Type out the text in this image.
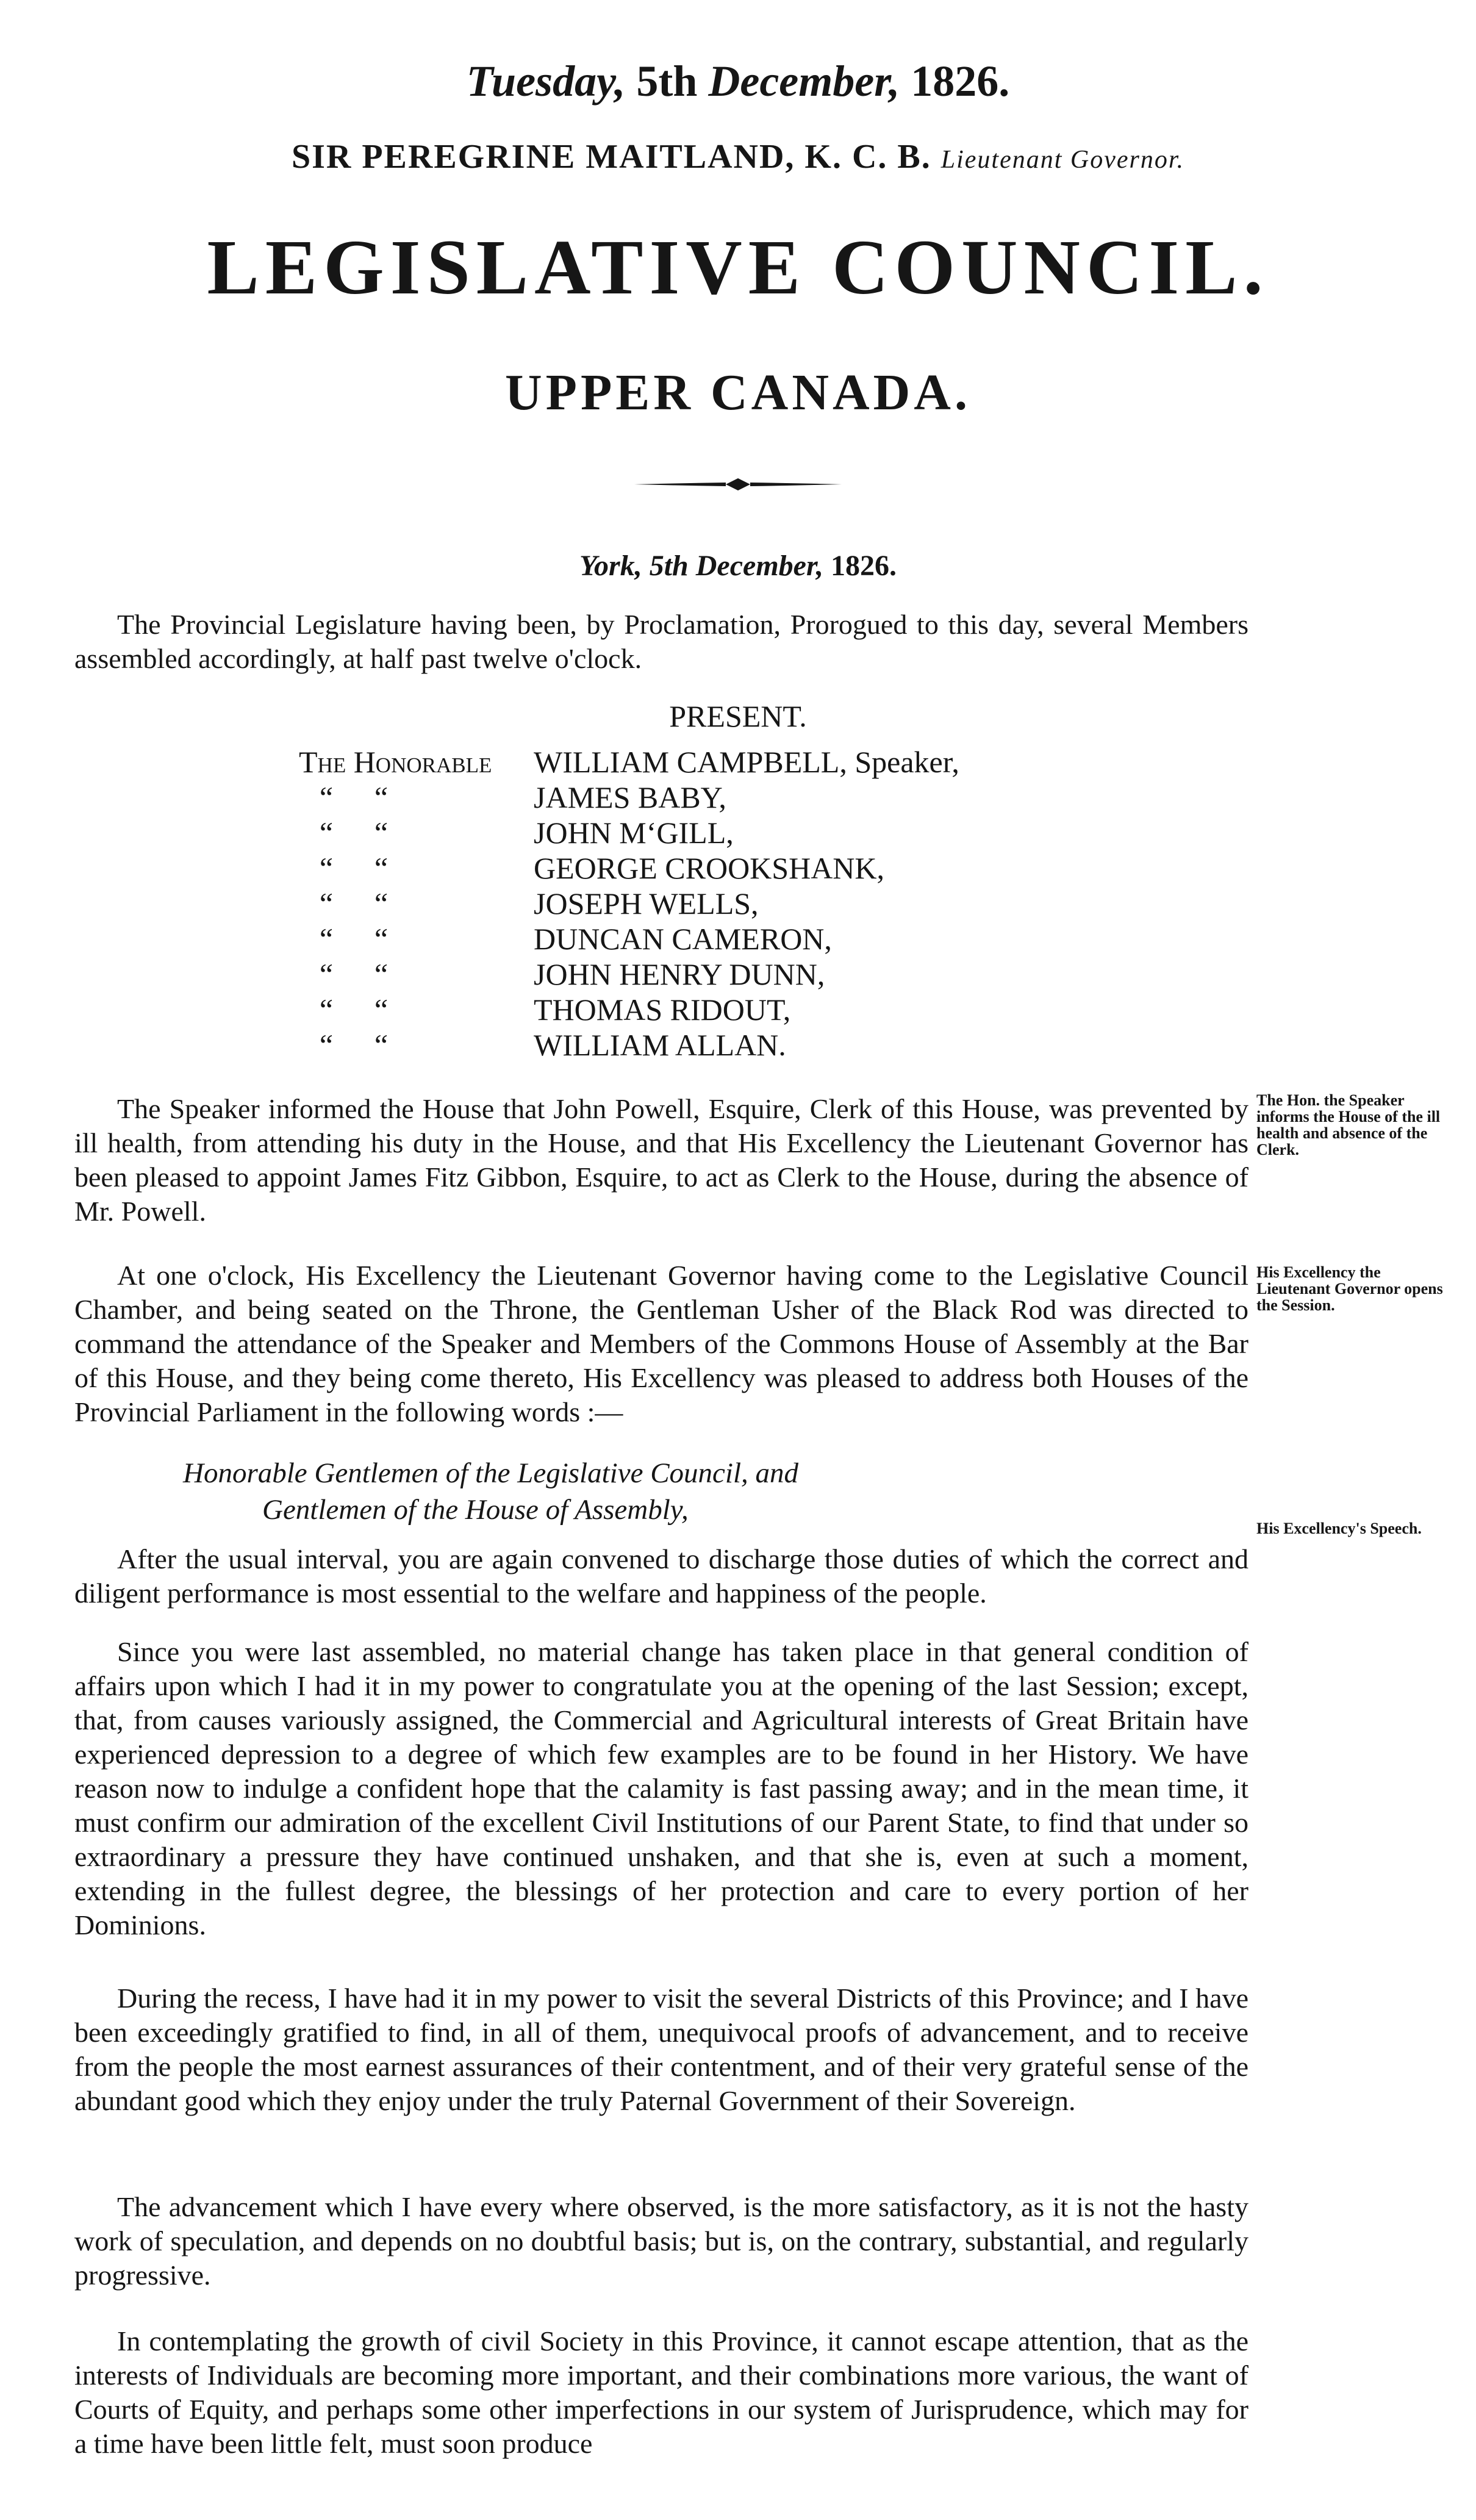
Tuesday, 5th December, 1826.
SIR PEREGRINE MAITLAND, K. C. B. Lieutenant Governor.
LEGISLATIVE COUNCIL.
UPPER CANADA.
York, 5th December, 1826.
The Provincial Legislature having been, by Proclamation, Prorogued to this day, several Members assembled accordingly, at half past twelve o'clock.
PRESENT.
The Honorable WILLIAM CAMPBELL, Speaker,
“ “	JAMES BABY,
“ “	JOHN M‘GILL,
“ “	GEORGE CROOKSHANK,
“ “	JOSEPH WELLS,
“ “	DUNCAN CAMERON,
“ “	JOHN HENRY DUNN,
“ “	THOMAS RIDOUT,
“ “	WILLIAM ALLAN.
The Speaker informed the House that John Powell, Esquire, Clerk of this House, was prevented by ill health, from attending his duty in the House, and that His Excellency the Lieutenant Governor has been pleased to appoint James Fitz Gibbon, Esquire, to act as Clerk to the House, during the absence of Mr. Powell.
At one o'clock, His Excellency the Lieutenant Governor having come to the Legislative Council Chamber, and being seated on the Throne, the Gentleman Usher of the Black Rod was directed to command the attendance of the Speaker and Members of the Commons House of Assembly at the Bar of this House, and they being come thereto, His Excellency was pleased to address both Houses of the Provincial Parliament in the following words :—
Honorable Gentlemen of the Legislative Council, and
Gentlemen of the House of Assembly,
After the usual interval, you are again convened to discharge those duties of which the correct and diligent performance is most essential to the welfare and happiness of the people.
Since you were last assembled, no material change has taken place in that general condition of affairs upon which I had it in my power to congratulate you at the opening of the last Session; except, that, from causes variously assigned, the Commercial and Agricultural interests of Great Britain have experienced depression to a degree of which few examples are to be found in her History. We have reason now to indulge a confident hope that the calamity is fast passing away; and in the mean time, it must confirm our admiration of the excellent Civil Institutions of our Parent State, to find that under so extraordinary a pressure they have continued unshaken, and that she is, even at such a moment, extending in the fullest degree, the blessings of her protection and care to every portion of her Dominions.
During the recess, I have had it in my power to visit the several Districts of this Province; and I have been exceedingly gratified to find, in all of them, unequivocal proofs of advancement, and to receive from the people the most earnest assurances of their contentment, and of their very grateful sense of the abundant good which they enjoy under the truly Paternal Government of their Sovereign.
The advancement which I have every where observed, is the more satisfactory, as it is not the hasty work of speculation, and depends on no doubtful basis; but is, on the contrary, substantial, and regularly progressive.
In contemplating the growth of civil Society in this Province, it cannot escape attention, that as the interests of Individuals are becoming more important, and their combinations more various, the want of Courts of Equity, and perhaps some other imperfections in our system of Jurisprudence, which may for a time have been little felt, must soon produce
The Hon. the Speaker informs the House of the ill health and absence of the Clerk.
His Excellency the Lieutenant Governor opens the Session.
His Excellency's Speech.
